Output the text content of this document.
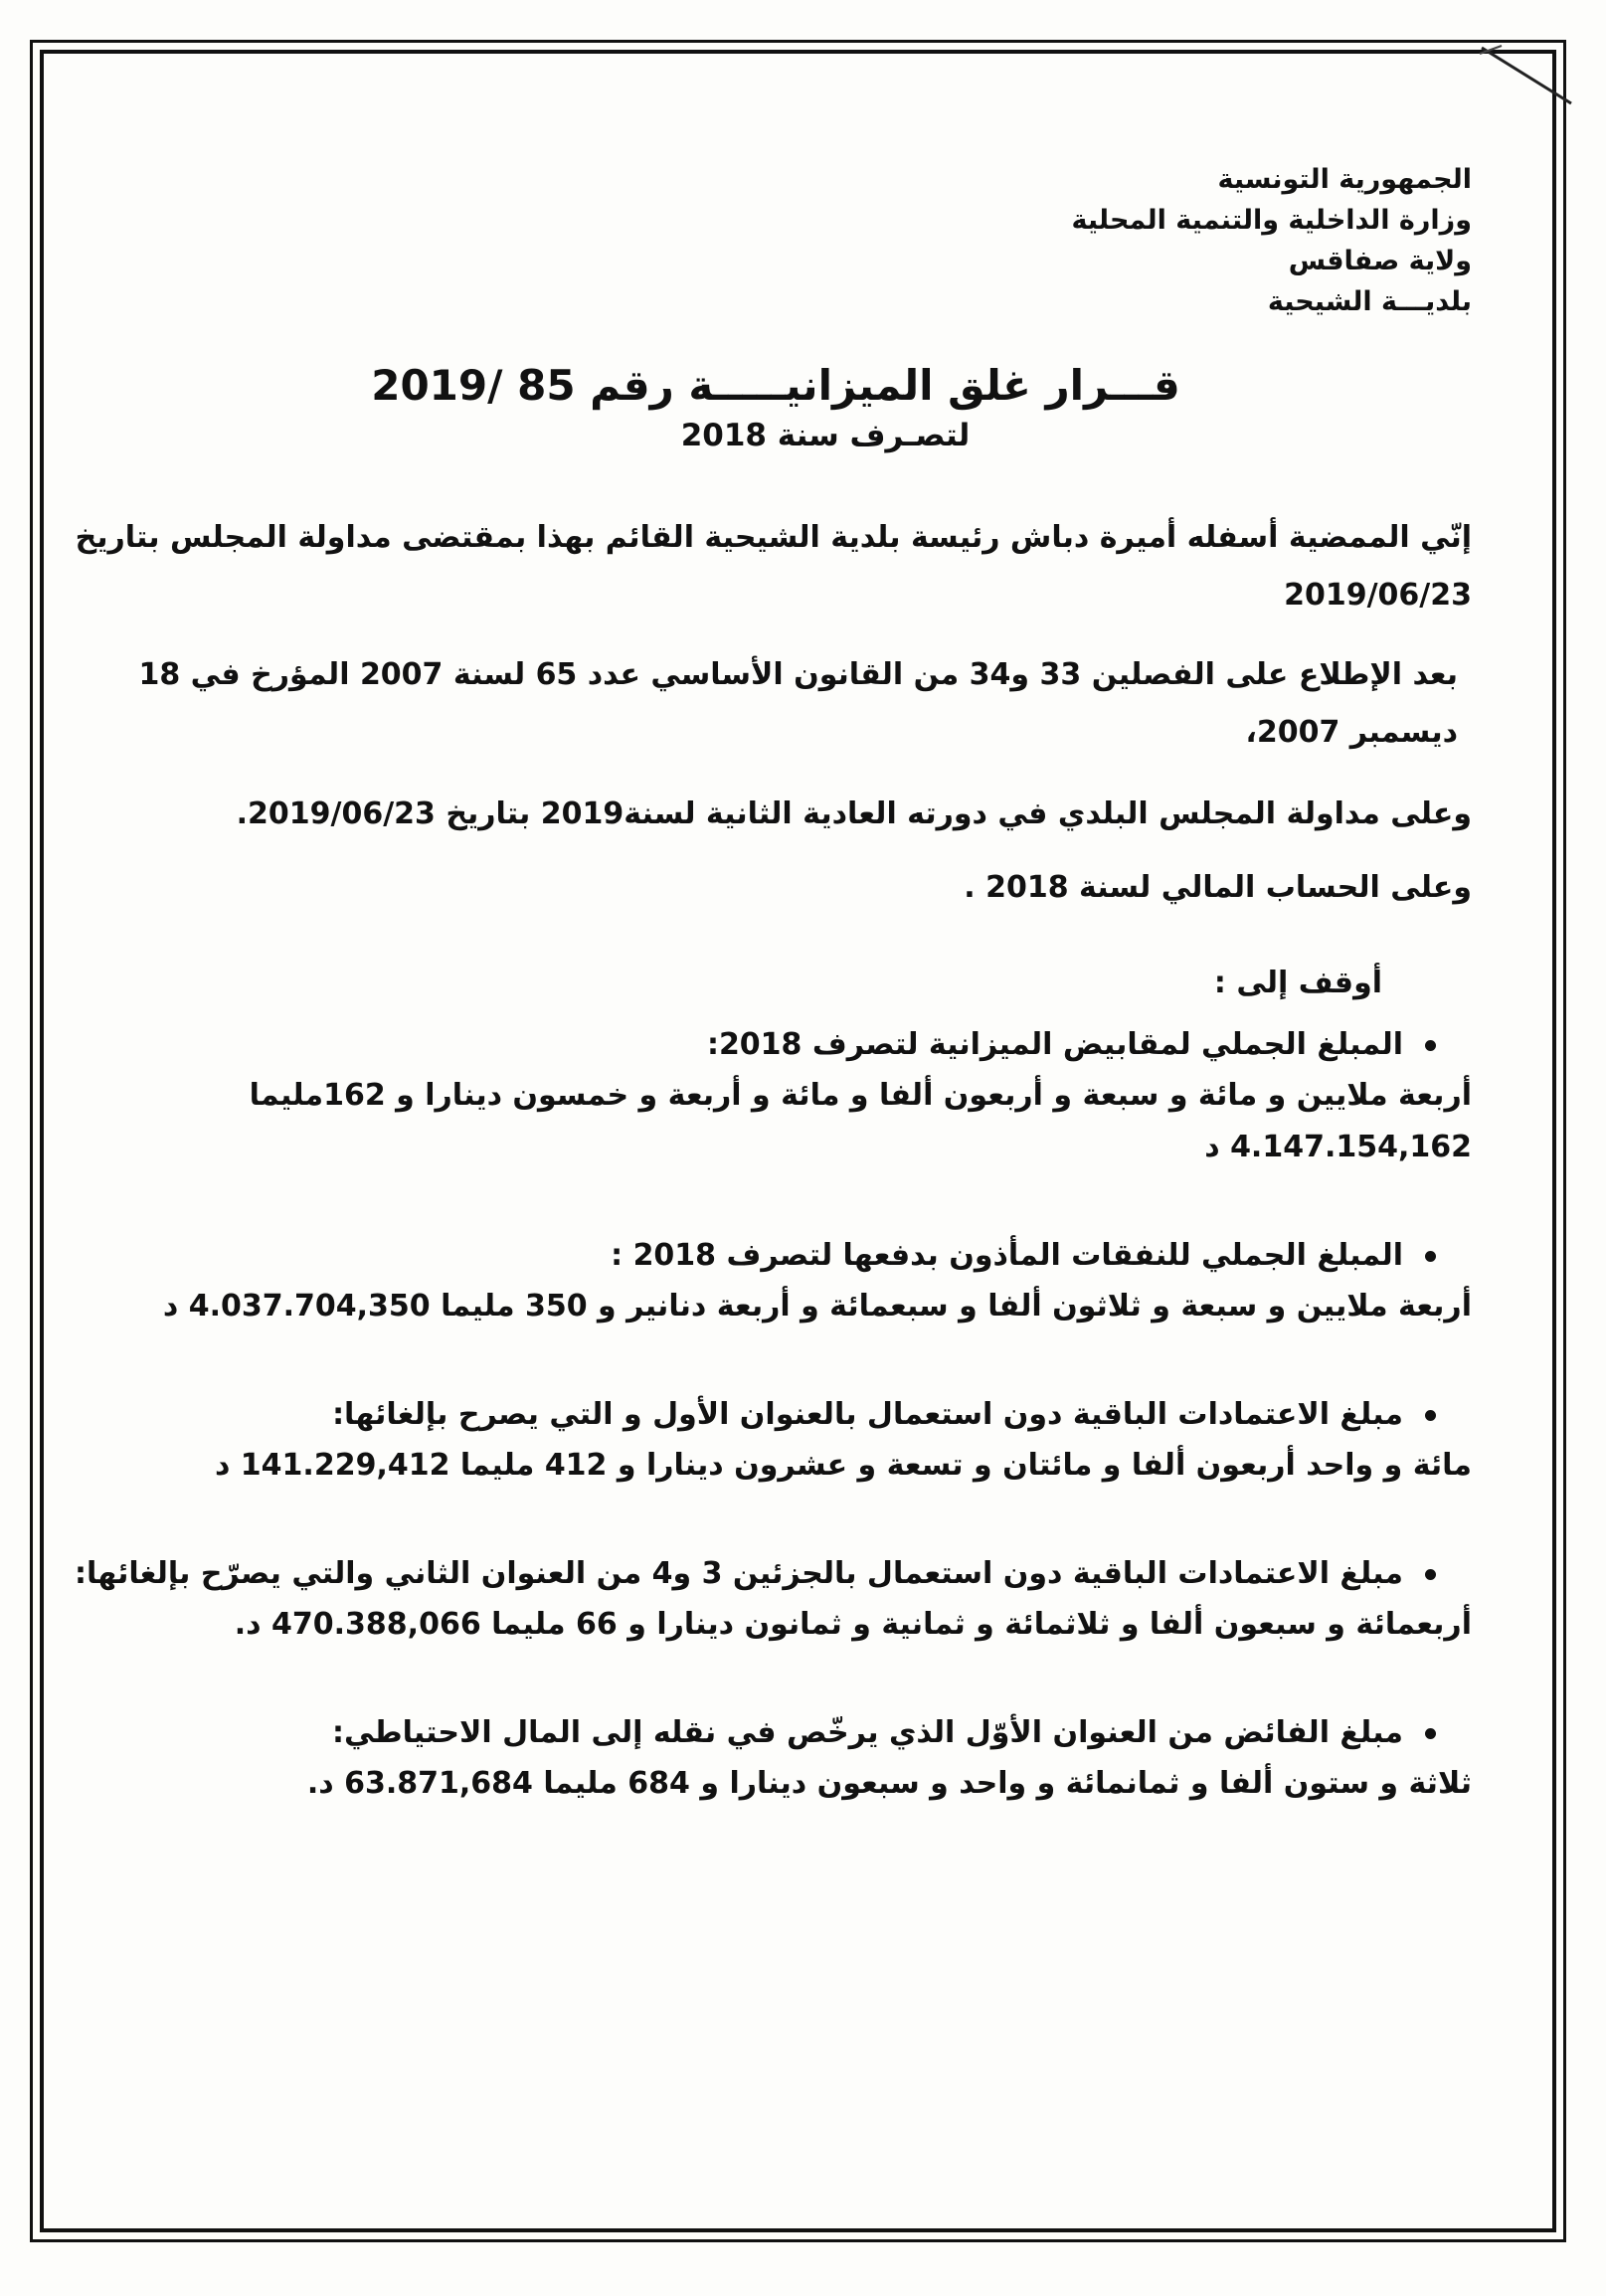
الجمهورية التونسية

وزارة الداخلية والتنمية المحلية

ولاية صفاقس

بلديـــة الشيحية

قـــرار غلق الميزانيـــــة رقم 85 /2019
لتصـرف سنة 2018

إنّي الممضية أسفله أميرة دباش رئيسة بلدية الشيحية القائم بهذا بمقتضى مداولة المجلس بتاريخ 2019/06/23

بعد الإطلاع على الفصلين 33 و34 من القانون الأساسي عدد 65 لسنة 2007 المؤرخ في 18 ديسمبر 2007،

وعلى مداولة المجلس البلدي في دورته العادية الثانية لسنة2019 بتاريخ 2019/06/23.

وعلى الحساب المالي لسنة 2018 .

أوقف إلى :
المبلغ الجملي لمقابيض الميزانية لتصرف 2018:
أربعة ملايين و مائة و سبعة و أربعون ألفا و مائة و أربعة و خمسون دينارا و 162مليما
4.147.154,162 د
المبلغ الجملي للنفقات المأذون بدفعها لتصرف 2018 :
أربعة ملايين و سبعة و ثلاثون ألفا و سبعمائة و أربعة دنانير و 350 مليما 4.037.704,350 د
مبلغ الاعتمادات الباقية دون استعمال بالعنوان الأول و التي يصرح بإلغائها:
مائة و واحد أربعون ألفا و مائتان و تسعة و عشرون دينارا و 412 مليما 141.229,412 د
مبلغ الاعتمادات الباقية دون استعمال بالجزئين 3 و4 من العنوان الثاني والتي يصرّح بإلغائها:
أربعمائة و سبعون ألفا و ثلاثمائة و ثمانية و ثمانون دينارا و 66 مليما 470.388,066 د.
مبلغ الفائض من العنوان الأوّل الذي يرخّص في نقله إلى المال الاحتياطي:
ثلاثة و ستون ألفا و ثمانمائة و واحد و سبعون دينارا و 684 مليما 63.871,684 د.
